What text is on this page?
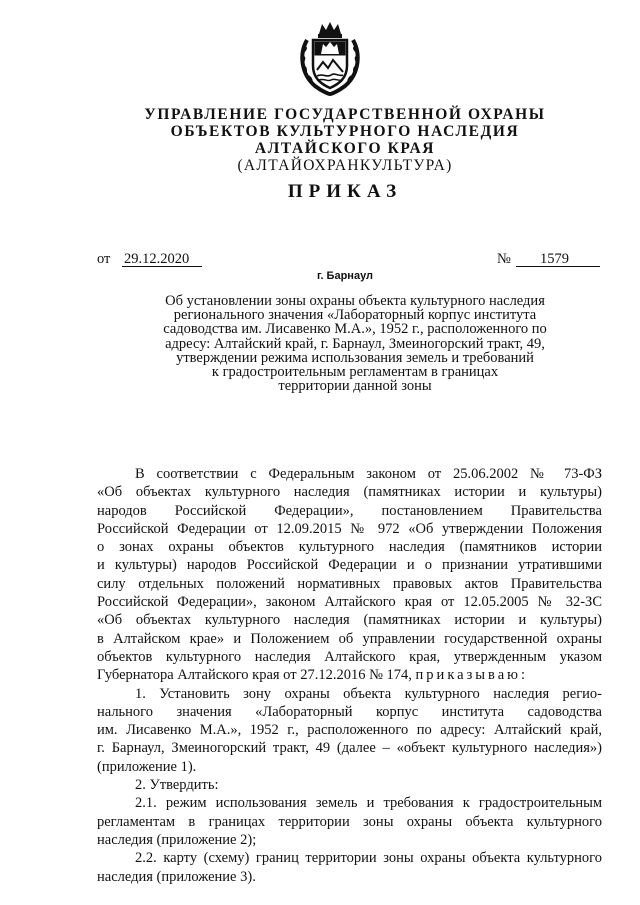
УПРАВЛЕНИЕ ГОСУДАРСТВЕННОЙ ОХРАНЫ
ОБЪЕКТОВ КУЛЬТУРНОГО НАСЛЕДИЯ
АЛТАЙСКОГО КРАЯ
(АЛТАЙОХРАНКУЛЬТУРА)
ПРИКАЗ
от 29.12.2020	№ 1579
г. Барнаул
Об установлении зоны охраны объекта культурного наследия
регионального значения «Лабораторный корпус института
садоводства им. Лисавенко М.А.», 1952 г., расположенного по
адресу: Алтайский край, г. Барнаул, Змеиногорский тракт, 49,
утверждении режима использования земель и требований
к градостроительным регламентам в границах
территории данной зоны
В соответствии с Федеральным законом от 25.06.2002 № 73-ФЗ
«Об объектах культурного наследия (памятниках истории и культуры)
народов Российской Федерации», постановлением Правительства
Российской Федерации от 12.09.2015 № 972 «Об утверждении Положения
о зонах охраны объектов культурного наследия (памятников истории
и культуры) народов Российской Федерации и о признании утратившими
силу отдельных положений нормативных правовых актов Правительства
Российской Федерации», законом Алтайского края от 12.05.2005 № 32-ЗС
«Об объектах культурного наследия (памятниках истории и культуры)
в Алтайском крае» и Положением об управлении государственной охраны
объектов культурного наследия Алтайского края, утвержденным указом
Губернатора Алтайского края от 27.12.2016 № 174, приказываю:
1. Установить зону охраны объекта культурного наследия регио-
нального значения «Лабораторный корпус института садоводства
им. Лисавенко М.А.», 1952 г., расположенного по адресу: Алтайский край,
г. Барнаул, Змеиногорский тракт, 49 (далее – «объект культурного наследия»)
(приложение 1).
2. Утвердить:
2.1. режим использования земель и требования к градостроительным
регламентам в границах территории зоны охраны объекта культурного
наследия (приложение 2);
2.2. карту (схему) границ территории зоны охраны объекта культурного
наследия (приложение 3).
